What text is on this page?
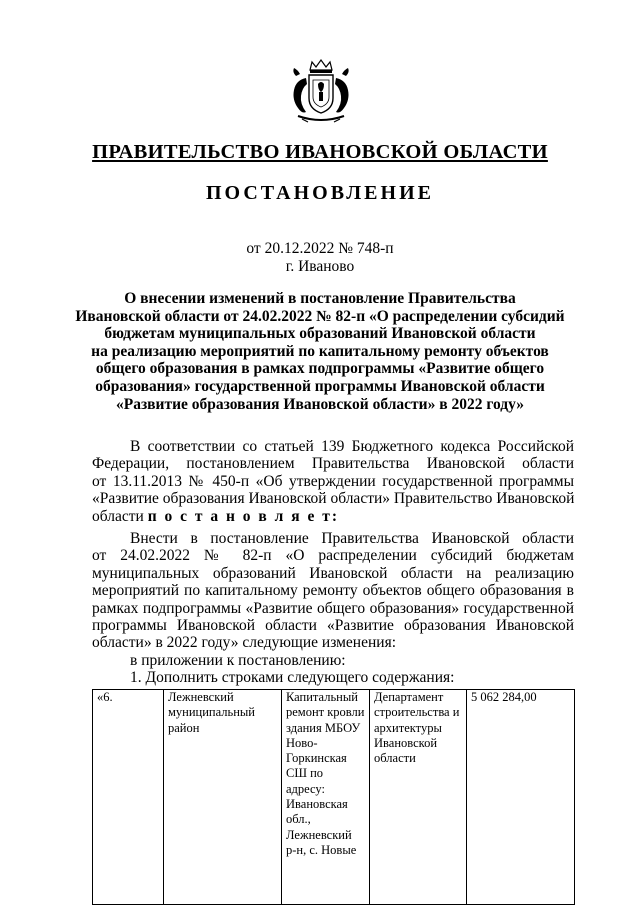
ПРАВИТЕЛЬСТВО ИВАНОВСКОЙ ОБЛАСТИ
ПОСТАНОВЛЕНИЕ
от 20.12.2022 № 748-п
г. Иваново
О внесении изменений в постановление Правительства
Ивановской области от 24.02.2022 № 82-п «О распределении субсидий
бюджетам муниципальных образований Ивановской области
на реализацию мероприятий по капитальному ремонту объектов
общего образования в рамках подпрограммы «Развитие общего
образования» государственной программы Ивановской области
«Развитие образования Ивановской области» в 2022 году»
В соответствии со статьей 139 Бюджетного кодекса Российской
Федерации, постановлением Правительства Ивановской области
от 13.11.2013 № 450-п «Об утверждении государственной программы
«Развитие образования Ивановской области» Правительство Ивановской
области п о с т а н о в л я е т:
Внести в постановление Правительства Ивановской области
от 24.02.2022 № 82-п «О распределении субсидий бюджетам
муниципальных образований Ивановской области на реализацию
мероприятий по капитальному ремонту объектов общего образования в
рамках подпрограммы «Развитие общего образования» государственной
программы Ивановской области «Развитие образования Ивановской
области» в 2022 году» следующие изменения:
в приложении к постановлению:
1. Дополнить строками следующего содержания:
«6.	Лежневский муниципальный район	Капитальный ремонт кровли здания МБОУ Ново-Горкинская СШ по адресу: Ивановская обл., Лежневский р-н, с. Новые	Департамент строительства и архитектуры Ивановской области	5 062 284,00
